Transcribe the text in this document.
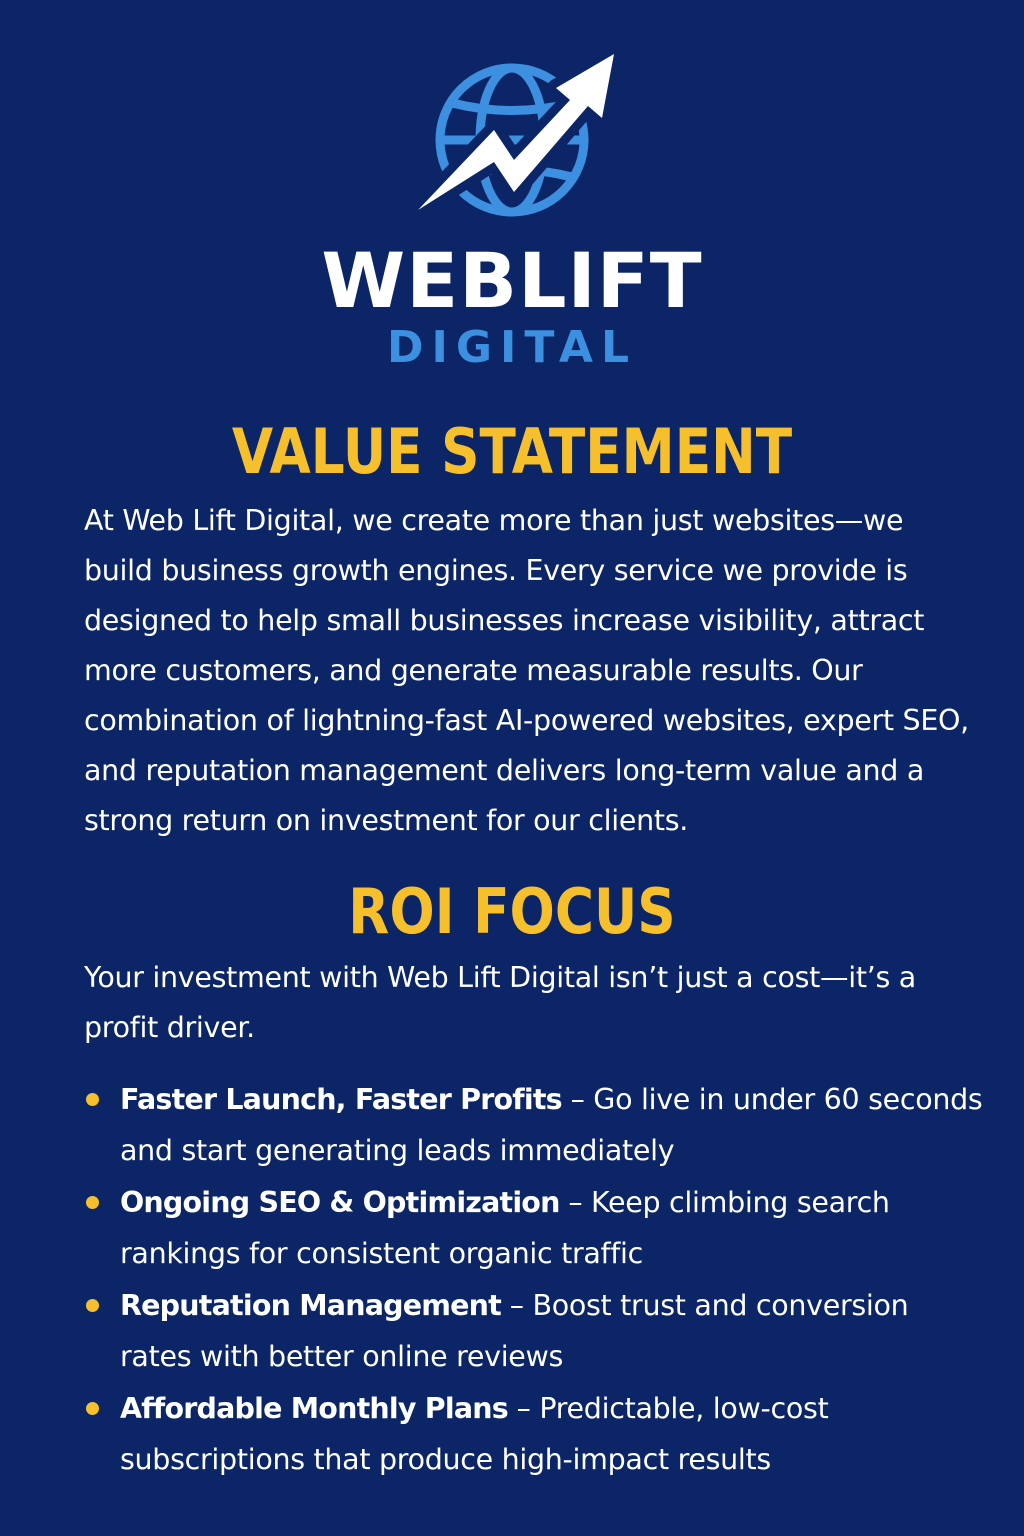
WEBLIFT
DIGITAL
VALUE STATEMENT
At Web Lift Digital, we create more than just websites—we build business growth engines. Every service we provide is designed to help small businesses increase visibility, attract more customers, and generate measurable results. Our combination of lightning-fast AI-powered websites, expert SEO, and reputation management delivers long-term value and a strong return on investment for our clients.
ROI FOCUS
Your investment with Web Lift Digital isn’t just a cost—it’s a profit driver.
Faster Launch, Faster Profits – Go live in under 60 seconds and start generating leads immediately
Ongoing SEO & Optimization – Keep climbing search rankings for consistent organic traffic
Reputation Management – Boost trust and conversion rates with better online reviews
Affordable Monthly Plans – Predictable, low-cost subscriptions that produce high-impact results
